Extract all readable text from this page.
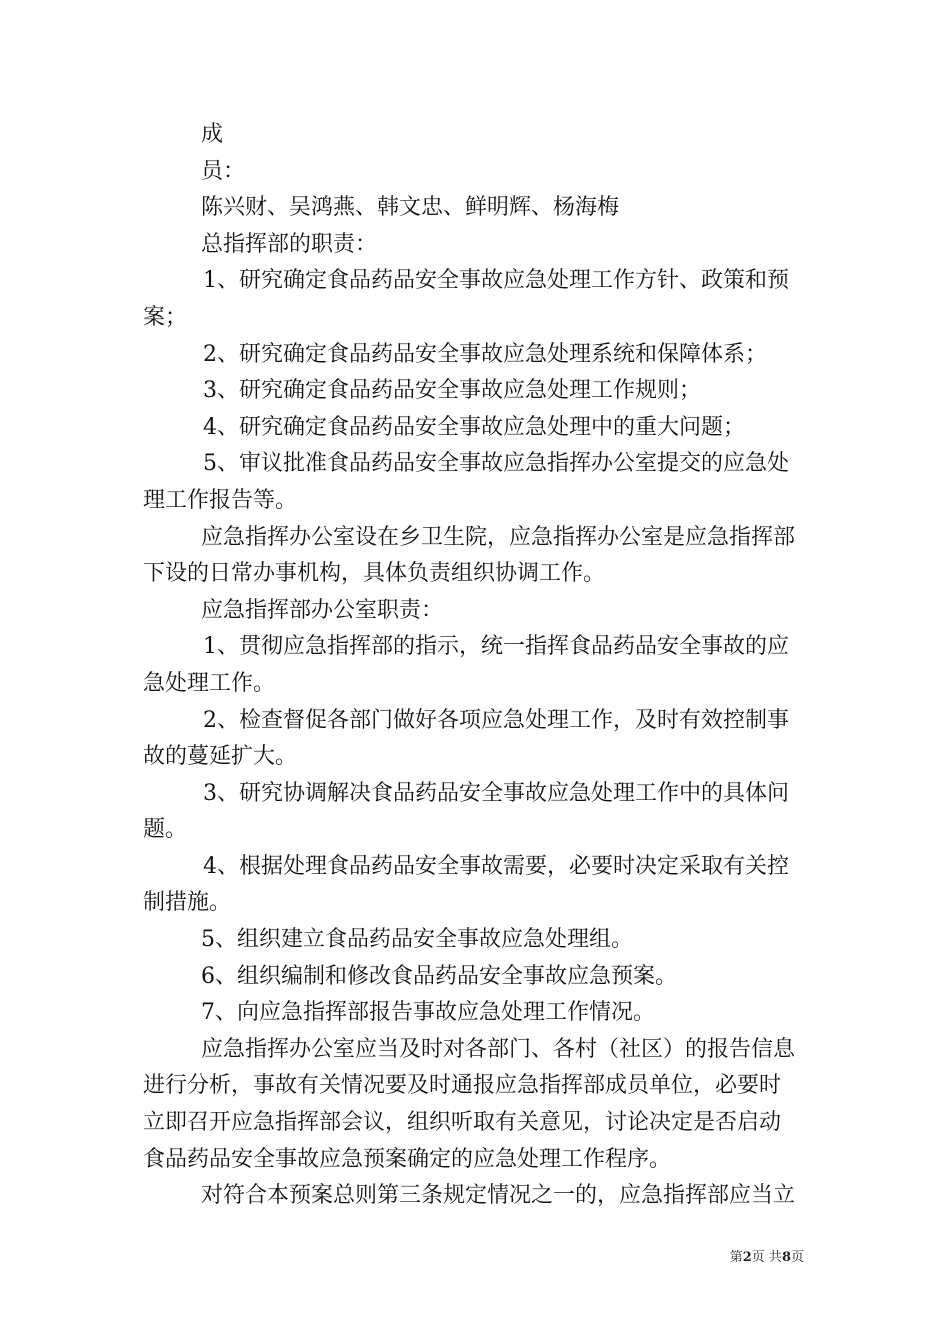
成

员：

陈兴财、吴鸿燕、韩文忠、鲜明辉、杨海梅

总指挥部的职责：

1、研究确定食品药品安全事故应急处理工作方针、政策和预

案；

2、研究确定食品药品安全事故应急处理系统和保障体系；

3、研究确定食品药品安全事故应急处理工作规则；

4、研究确定食品药品安全事故应急处理中的重大问题；

5、审议批准食品药品安全事故应急指挥办公室提交的应急处

理工作报告等。

应急指挥办公室设在乡卫生院，应急指挥办公室是应急指挥部

下设的日常办事机构，具体负责组织协调工作。

应急指挥部办公室职责：

1、贯彻应急指挥部的指示，统一指挥食品药品安全事故的应

急处理工作。

2、检查督促各部门做好各项应急处理工作，及时有效控制事

故的蔓延扩大。

3、研究协调解决食品药品安全事故应急处理工作中的具体问

题。

4、根据处理食品药品安全事故需要，必要时决定采取有关控

制措施。

5、组织建立食品药品安全事故应急处理组。

6、组织编制和修改食品药品安全事故应急预案。

7、向应急指挥部报告事故应急处理工作情况。

应急指挥办公室应当及时对各部门、各村（社区）的报告信息

进行分析，事故有关情况要及时通报应急指挥部成员单位，必要时

立即召开应急指挥部会议，组织听取有关意见，讨论决定是否启动

食品药品安全事故应急预案确定的应急处理工作程序。

对符合本预案总则第三条规定情况之一的，应急指挥部应当立

第2页 共8页
